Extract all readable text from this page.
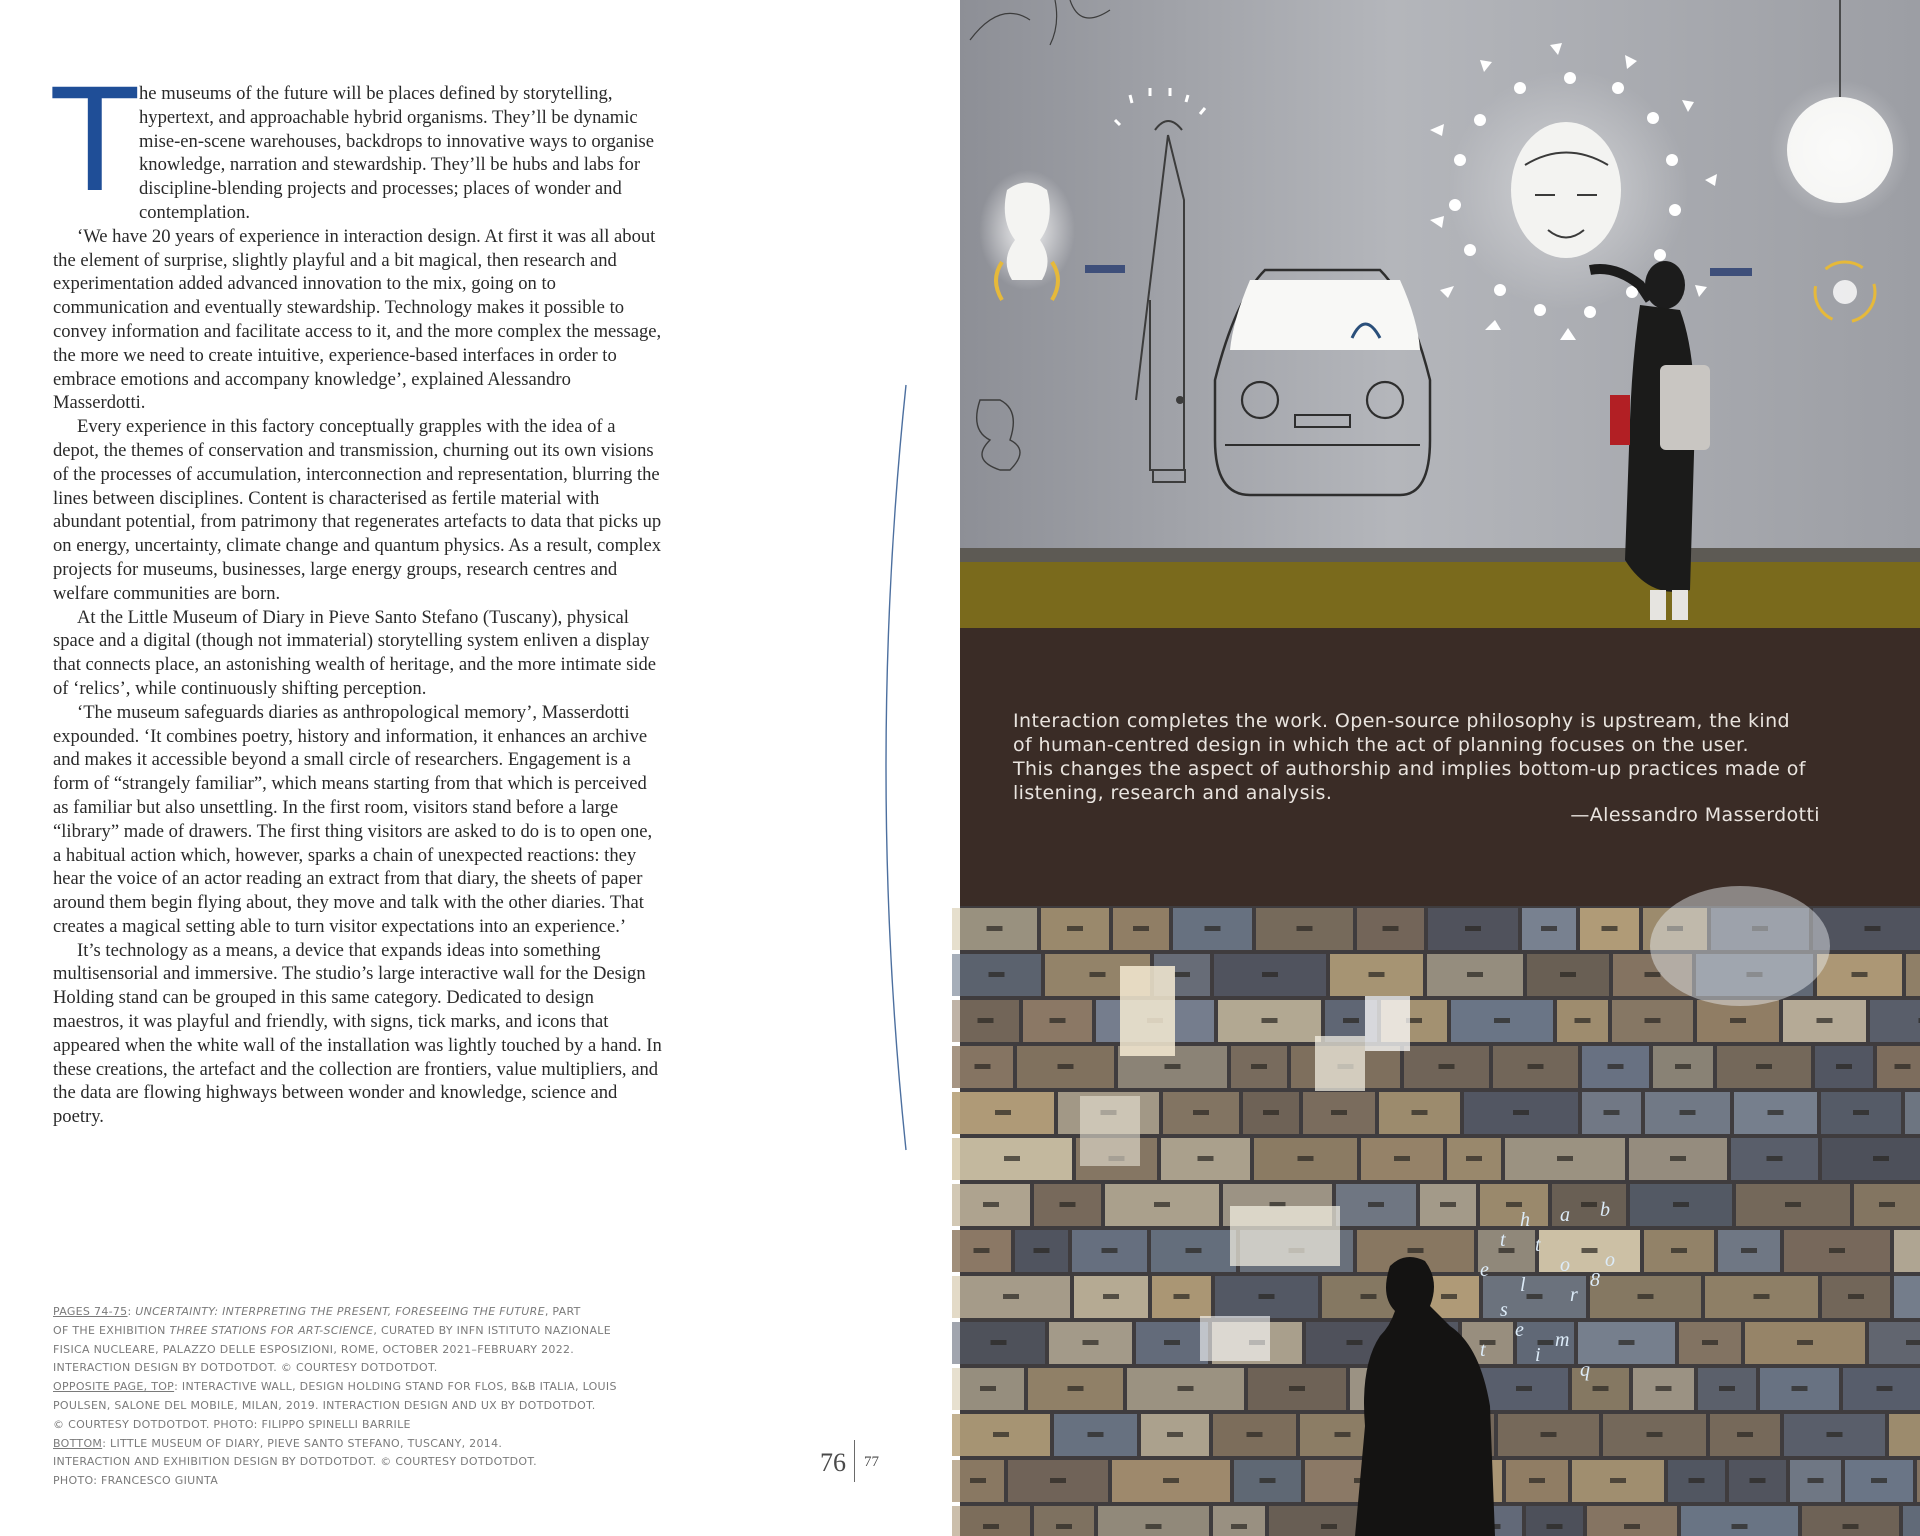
T
he museums of the future will be places defined by storytelling, hypertext, and approachable hybrid organisms. They’ll be dynamic mise-en-scene warehouses, backdrops to innovative ways to organise knowledge, narration and stewardship. They’ll be hubs and labs for discipline-blending projects and processes; places of wonder and contemplation.

‘We have 20 years of experience in interaction design. At first it was all about the element of surprise, slightly playful and a bit magical, then research and experimentation added advanced innovation to the mix, going on to communication and eventually stewardship. Technology makes it possible to convey information and facilitate access to it, and the more complex the message, the more we need to create intuitive, experience-based interfaces in order to embrace emotions and accompany knowledge’, explained Alessandro Masserdotti.

Every experience in this factory conceptually grapples with the idea of a depot, the themes of conservation and transmission, churning out its own visions of the processes of accumulation, interconnection and representation, blurring the lines between disciplines. Content is characterised as fertile material with abundant potential, from patrimony that regenerates artefacts to data that picks up on energy, uncertainty, climate change and quantum physics. As a result, complex projects for museums, businesses, large energy groups, research centres and welfare communities are born.

At the Little Museum of Diary in Pieve Santo Stefano (Tuscany), physical space and a digital (though not immaterial) storytelling system enliven a display that connects place, an astonishing wealth of heritage, and the more intimate side of ‘relics’, while continuously shifting perception.

‘The museum safeguards diaries as anthropological memory’, Masserdotti expounded. ‘It combines poetry, history and information, it enhances an archive and makes it accessible beyond a small circle of researchers. Engagement is a form of “strangely familiar”, which means starting from that which is perceived as familiar but also unsettling. In the first room, visitors stand before a large “library” made of drawers. The first thing visitors are asked to do is to open one, a habitual action which, however, sparks a chain of unexpected reactions: they hear the voice of an actor reading an extract from that diary, the sheets of paper around them begin flying about, they move and talk with the other diaries. That creates a magical setting able to turn visitor expectations into an experience.’

It’s technology as a means, a device that expands ideas into something multisensorial and immersive. The studio’s large interactive wall for the Design Holding stand can be grouped in this same category. Dedicated to design maestros, it was playful and friendly, with signs, tick marks, and icons that appeared when the white wall of the installation was lightly touched by a hand. In these creations, the artefact and the collection are frontiers, value multipliers, and the data are flowing highways between wonder and knowledge, science and poetry.

PAGES 74-75: UNCERTAINTY: INTERPRETING THE PRESENT, FORESEEING THE FUTURE, PART
OF THE EXHIBITION THREE STATIONS FOR ART-SCIENCE, CURATED BY INFN ISTITUTO NAZIONALE
FISICA NUCLEARE, PALAZZO DELLE ESPOSIZIONI, ROME, OCTOBER 2021–FEBRUARY 2022.
INTERACTION DESIGN BY DOTDOTDOT. © COURTESY DOTDOTDOT.
OPPOSITE PAGE, TOP: INTERACTIVE WALL, DESIGN HOLDING STAND FOR FLOS, B&B ITALIA, LOUIS
POULSEN, SALONE DEL MOBILE, MILAN, 2019. INTERACTION DESIGN AND UX BY DOTDOTDOT.
© COURTESY DOTDOTDOT. PHOTO: FILIPPO SPINELLI BARRILE
BOTTOM: LITTLE MUSEUM OF DIARY, PIEVE SANTO STEFANO, TUSCANY, 2014.
INTERACTION AND EXHIBITION DESIGN BY DOTDOTDOT. © COURTESY DOTDOTDOT.
PHOTO: FRANCESCO GIUNTA
76 77
Interaction completes the work. Open-source philosophy is upstream, the kind
of human-centred design in which the act of planning focuses on the user.
This changes the aspect of authorship and implies bottom-up practices made of
listening, research and analysis.
—Alessandro Masserdotti
h a b
t
t
e
l
o
s
e
i
m
r
8
o
t
q
